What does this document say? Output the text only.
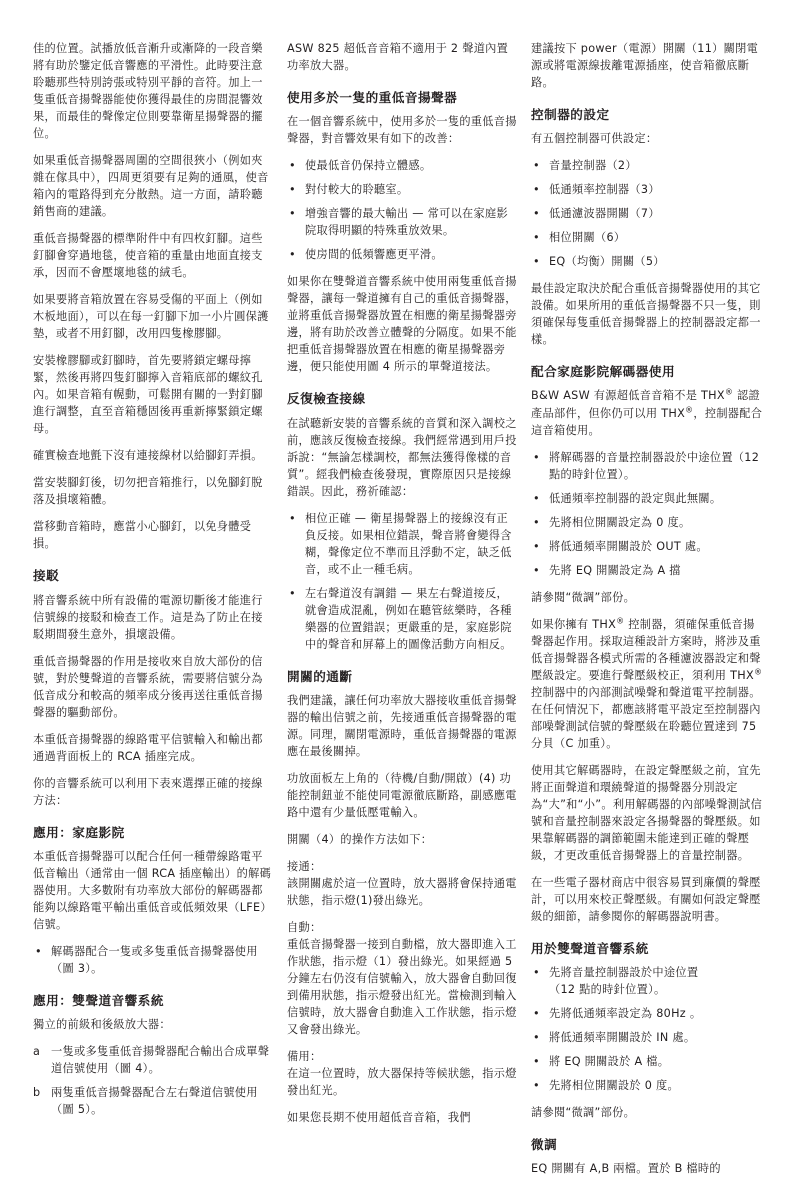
佳的位置。試播放低音漸升或漸降的一段音樂將有助於鑒定低音響應的平滑性。此時要注意聆聽那些特別誇張或特別平靜的音符。加上一隻重低音揚聲器能使你獲得最佳的房間混響效果，而最佳的聲像定位則要靠衛星揚聲器的擺位。

如果重低音揚聲器周圍的空間很狹小（例如夾雜在傢具中），四周更須要有足夠的通風，使音箱內的電路得到充分散熱。這一方面，請聆聽銷售商的建議。

重低音揚聲器的標準附件中有四枚釘腳。這些釘腳會穿過地毯，使音箱的重量由地面直接支承，因而不會壓壞地毯的絨毛。

如果要將音箱放置在容易受傷的平面上（例如木板地面），可以在每一釘腳下加一小片圓保護墊，或者不用釘腳，改用四隻橡膠腳。

安裝橡膠腳或釘腳時，首先要將鎖定螺母擰緊，然後再將四隻釘腳擰入音箱底部的螺紋孔內。如果音箱有幌動，可鬆開有關的一對釘腳進行調整，直至音箱穩固後再重新擰緊鎖定螺母。

確實檢查地氈下沒有連接線材以給腳釘弄損。

當安裝腳釘後，切勿把音箱推行，以免腳釘脫落及損壞箱體。

當移動音箱時，應當小心腳釘，以免身體受損。

接駁

將音響系統中所有設備的電源切斷後才能進行信號線的接駁和檢查工作。這是為了防止在接駁期間發生意外，損壞設備。

重低音揚聲器的作用是接收來自放大部份的信號，對於雙聲道的音響系統，需要將信號分為低音成分和較高的頻率成分後再送往重低音揚聲器的驅動部份。

本重低音揚聲器的線路電平信號輸入和輸出都通過背面板上的 RCA 插座完成。

你的音響系統可以利用下表來選擇正確的接線方法：

應用：家庭影院

本重低音揚聲器可以配合任何一種帶線路電平低音輸出（通常由一個 RCA 插座輸出）的解碼器使用。大多數附有功率放大部份的解碼器都能夠以線路電平輸出重低音或低頻效果（LFE）信號。

• 解碼器配合一隻或多隻重低音揚聲器使用（圖 3）。
應用：雙聲道音響系統

獨立的前級和後級放大器：

a 一隻或多隻重低音揚聲器配合輸出合成單聲道信號使用（圖 4）。
b 兩隻重低音揚聲器配合左右聲道信號使用（圖 5）。

ASW 825 超低音音箱不適用于 2 聲道內置功率放大器。

使用多於一隻的重低音揚聲器

在一個音響系統中，使用多於一隻的重低音揚聲器，對音響效果有如下的改善：

• 使最低音仍保持立體感。
• 對付較大的聆聽室。
• 增強音響的最大輸出 — 常可以在家庭影院取得明顯的特殊重放效果。
• 使房間的低頻響應更平滑。

如果你在雙聲道音響系統中使用兩隻重低音揚聲器，讓每一聲道擁有自己的重低音揚聲器，並將重低音揚聲器放置在相應的衛星揚聲器旁邊，將有助於改善立體聲的分隔度。如果不能把重低音揚聲器放置在相應的衛星揚聲器旁邊，便只能使用圖 4 所示的單聲道接法。

反復檢查接線

在試聽新安裝的音響系統的音質和深入調校之前，應該反復檢查接線。我們經常遇到用戶投訴說：“無論怎樣調校，都無法獲得像樣的音質”。經我們檢查後發現，實際原因只是接線錯誤。因此，務祈確認：

• 相位正確 — 衛星揚聲器上的接線沒有正負反接。如果相位錯誤，聲音將會變得含糊，聲像定位不準而且浮動不定，缺乏低音，或不止一種毛病。
• 左右聲道沒有調錯 — 果左右聲道接反，就會造成混亂，例如在聽管絃樂時，各種樂器的位置錯誤；更嚴重的是，家庭影院中的聲音和屏幕上的圖像活動方向相反。
開關的通斷

我們建議，讓任何功率放大器接收重低音揚聲器的輸出信號之前，先接通重低音揚聲器的電源。同理，關閉電源時，重低音揚聲器的電源應在最後關掉。

功放面板左上角的（待機/自動/開啟）(4) 功能控制鈕並不能使同電源徹底斷路，副感應電路中還有少量低壓電輸入。

開關（4）的操作方法如下：

接通：
該開關處於這一位置時，放大器將會保持通電狀態，指示燈(1)發出綠光。

自動：
重低音揚聲器一接到自動檔，放大器即進入工作狀態，指示燈（1）發出綠光。如果經過 5 分鐘左右仍沒有信號輸入，放大器會自動回復到備用狀態，指示燈發出紅光。當檢測到輸入信號時，放大器會自動進入工作狀態，指示燈又會發出綠光。

備用：
在這一位置時，放大器保持等候狀態，指示燈發出紅光。

如果您長期不使用超低音音箱，我們

建議按下 power（電源）開關（11）關閉電源或將電源線拔離電源插座，使音箱徹底斷路。

控制器的設定

有五個控制器可供設定：

• 音量控制器（2）
• 低通頻率控制器（3）
• 低通濾波器開關（7）
• 相位開關（6）
• EQ（均衡）開關（5）

最佳設定取決於配合重低音揚聲器使用的其它設備。如果所用的重低音揚聲器不只一隻，則須確保每隻重低音揚聲器上的控制器設定都一樣。

配合家庭影院解碼器使用

B&W ASW 有源超低音音箱不是 THX® 認證產品部件，但你仍可以用 THX®，控制器配合這音箱使用。

• 將解碼器的音量控制器設於中途位置（12 點的時針位置）。
• 低通頻率控制器的設定與此無關。
• 先將相位開關設定為 0 度。
• 將低通頻率開關設於 OUT 處。
• 先將 EQ 開關設定為 A 擋

請參閱“微調”部份。

如果你擁有 THX® 控制器，須確保重低音揚聲器起作用。採取這種設計方案時，將涉及重低音揚聲器各模式所需的各種濾波器設定和聲壓級設定。要進行聲壓級校正，須利用 THX® 控制器中的內部測試噪聲和聲道電平控制器。在任何情況下，都應該將電平設定至控制器內部噪聲測試信號的聲壓級在聆聽位置達到 75 分貝（C 加重）。

使用其它解碼器時，在設定聲壓級之前，宜先將正面聲道和環繞聲道的揚聲器分別設定為“大”和“小”。利用解碼器的內部噪聲測試信號和音量控制器來設定各揚聲器的聲壓級。如果靠解碼器的調節範圍未能達到正確的聲壓級，才更改重低音揚聲器上的音量控制器。

在一些電子器材商店中很容易買到廉價的聲壓計，可以用來校正聲壓級。有關如何設定聲壓級的細節，請參閱你的解碼器說明書。

用於雙聲道音響系統
• 先將音量控制器設於中途位置
（12 點的時針位置）。
• 先將低通頻率設定為 80Hz 。
• 將低通頻率開關設於 IN 處。
• 將 EQ 開關設於 A 檔。
• 先將相位開關設於 0 度。

請參閱“微調”部份。

微調

EQ 開關有 A,B 兩檔。置於 B 檔時的
